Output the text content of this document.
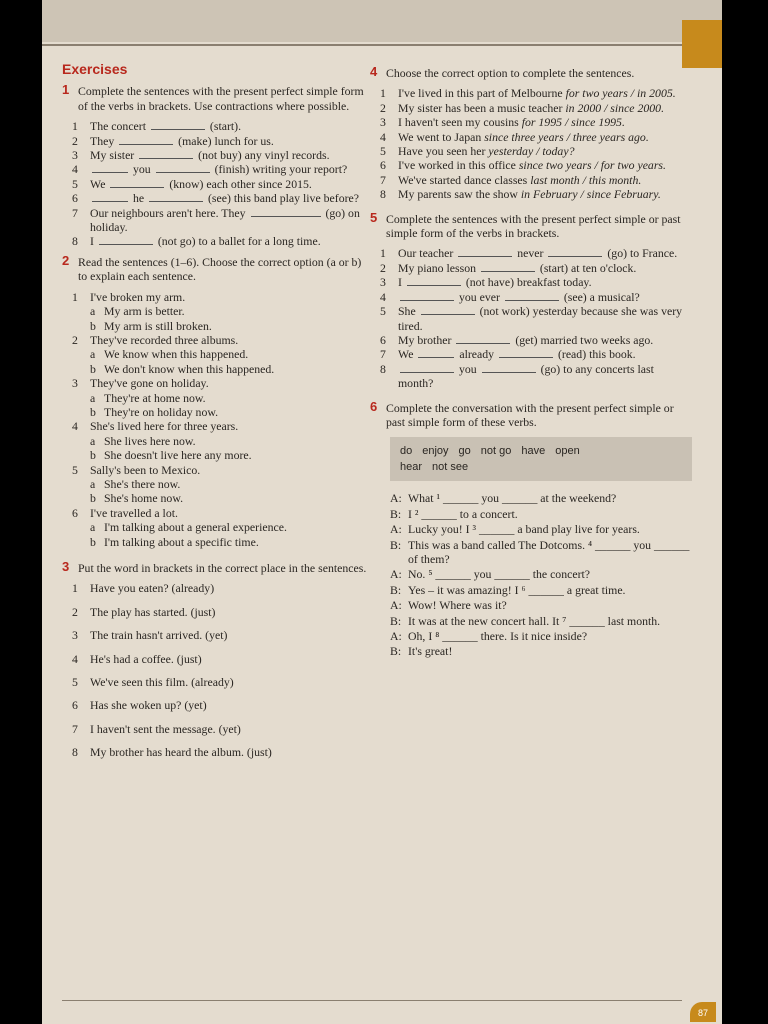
Exercises
1 Complete the sentences with the present perfect simple form of the verbs in brackets. Use contractions where possible.
1 The concert	(start).
2 They	(make) lunch for us.
3 My sister	(not buy) any vinyl records.
4	you	(finish) writing your report?
5 We	(know) each other since 2015.
6	he	(see) this band play live before?
7 Our neighbours aren't here. They	(go) on holiday.
8 I	(not go) to a ballet for a long time.
2 Read the sentences (1–6). Choose the correct option (a or b) to explain each sentence.
1 I've broken my arm.
a My arm is better.
b My arm is still broken.
2 They've recorded three albums.
a We know when this happened.
b We don't know when this happened.
3 They've gone on holiday.
a They're at home now.
b They're on holiday now.
4 She's lived here for three years.
a She lives here now.
b She doesn't live here any more.
5 Sally's been to Mexico.
a She's there now.
b She's home now.
6 I've travelled a lot.
a I'm talking about a general experience.
b I'm talking about a specific time.
3 Put the word in brackets in the correct place in the sentences.
1 Have you eaten? (already)
2 The play has started. (just)
3 The train hasn't arrived. (yet)
4 He's had a coffee. (just)
5 We've seen this film. (already)
6 Has she woken up? (yet)
7 I haven't sent the message. (yet)
8 My brother has heard the album. (just)
4 Choose the correct option to complete the sentences.
1 I've lived in this part of Melbourne for two years / in 2005.
2 My sister has been a music teacher in 2000 / since 2000.
3 I haven't seen my cousins for 1995 / since 1995.
4 We went to Japan since three years / three years ago.
5 Have you seen her yesterday / today?
6 I've worked in this office since two years / for two years.
7 We've started dance classes last month / this month.
8 My parents saw the show in February / since February.
5 Complete the sentences with the present perfect simple or past simple form of the verbs in brackets.
1 Our teacher	never	(go) to France.
2 My piano lesson	(start) at ten o'clock.
3 I	(not have) breakfast today.
4	you ever	(see) a musical?
5 She	(not work) yesterday because she was very tired.
6 My brother	(get) married two weeks ago.
7 We	already	(read) this book.
8	you	(go) to any concerts last month?
6 Complete the conversation with the present perfect simple or past simple form of these verbs.
do enjoy go not go have open
hear not see
A: What ¹ ______ you ______ at the weekend?
B: I ² ______ to a concert.
A: Lucky you! I ³ ______ a band play live for years.
B: This was a band called The Dotcoms. ⁴ ______ you ______ of them?
A: No. ⁵ ______ you ______ the concert?
B: Yes – it was amazing! I ⁶ ______ a great time.
A: Wow! Where was it?
B: It was at the new concert hall. It ⁷ ______ last month.
A: Oh, I ⁸ ______ there. Is it nice inside?
B: It's great!
87
